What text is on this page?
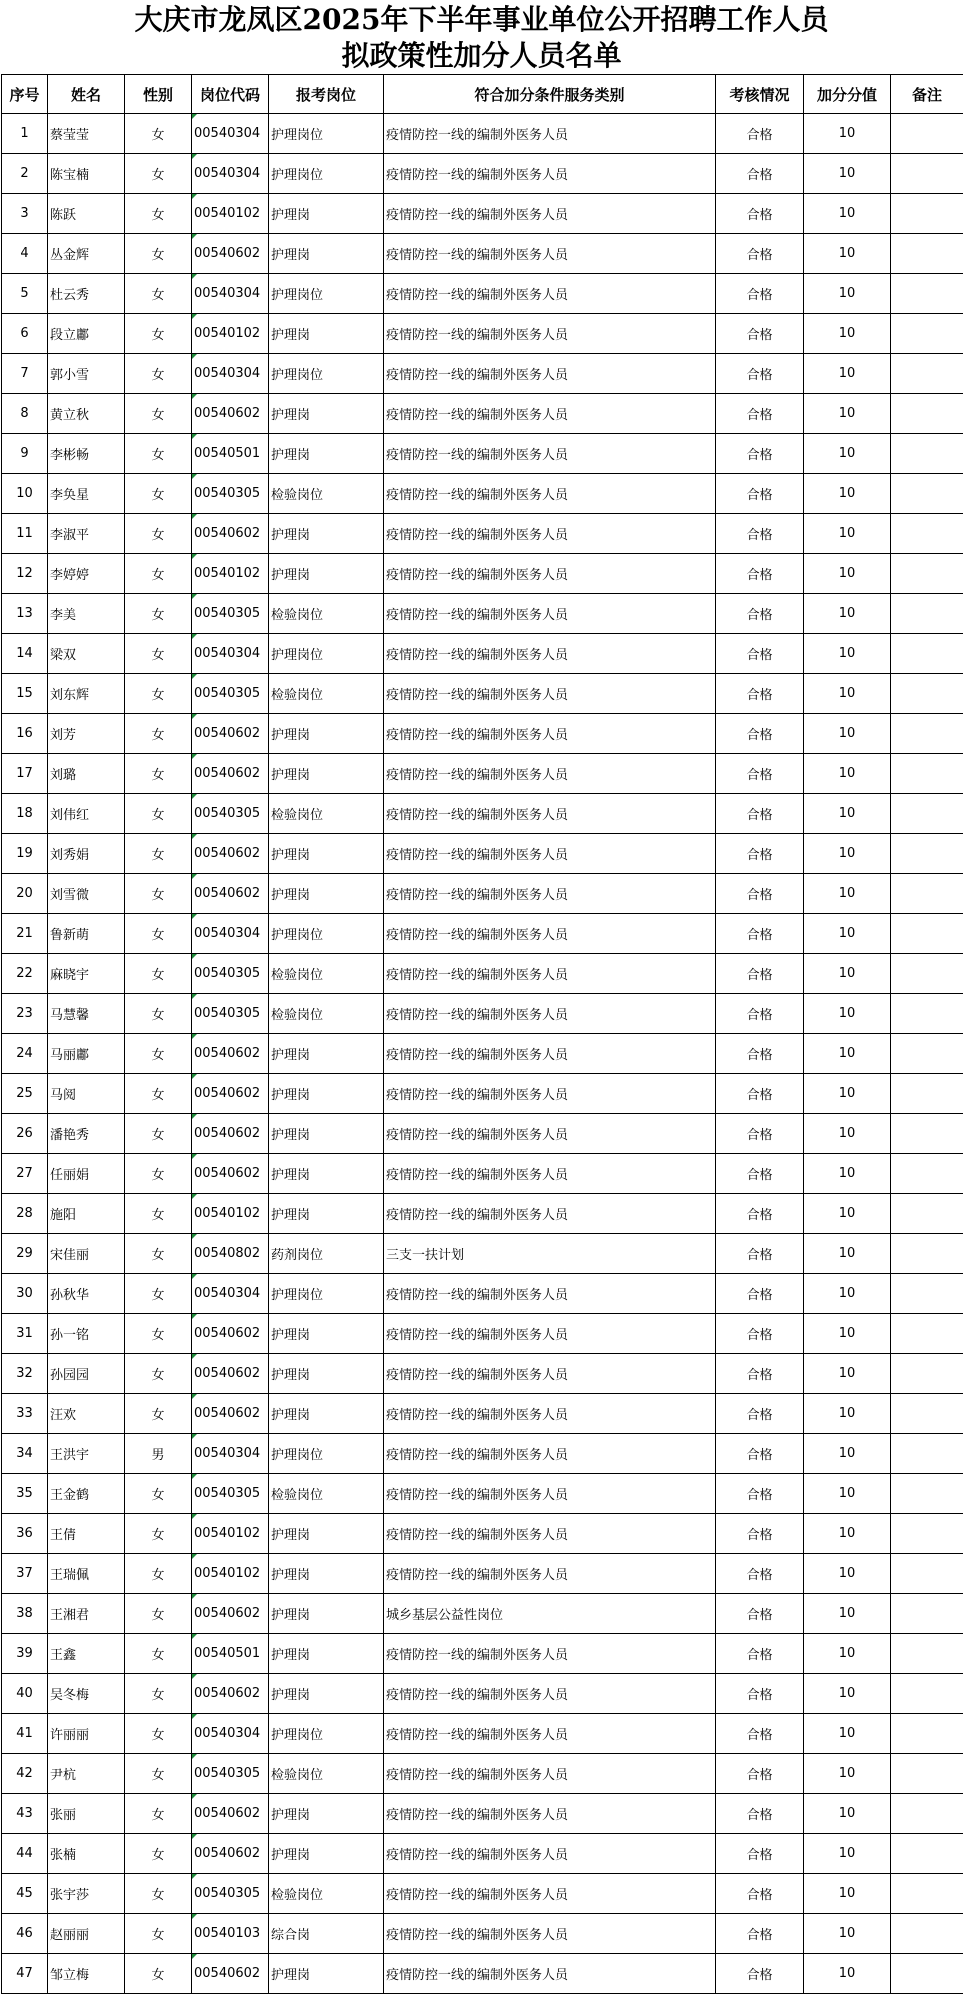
大庆市龙凤区2025年下半年事业单位公开招聘工作人员
拟政策性加分人员名单
序号	姓名	性别	岗位代码	报考岗位	符合加分条件服务类别	考核情况	加分分值	备注
1	蔡莹莹	女	00540304	护理岗位	疫情防控一线的编制外医务人员	合格	10	
2	陈宝楠	女	00540304	护理岗位	疫情防控一线的编制外医务人员	合格	10	
3	陈跃	女	00540102	护理岗	疫情防控一线的编制外医务人员	合格	10	
4	丛金辉	女	00540602	护理岗	疫情防控一线的编制外医务人员	合格	10	
5	杜云秀	女	00540304	护理岗位	疫情防控一线的编制外医务人员	合格	10	
6	段立鄘	女	00540102	护理岗	疫情防控一线的编制外医务人员	合格	10	
7	郭小雪	女	00540304	护理岗位	疫情防控一线的编制外医务人员	合格	10	
8	黄立秋	女	00540602	护理岗	疫情防控一线的编制外医务人员	合格	10	
9	李彬畅	女	00540501	护理岗	疫情防控一线的编制外医务人员	合格	10	
10	李奂星	女	00540305	检验岗位	疫情防控一线的编制外医务人员	合格	10	
11	李淑平	女	00540602	护理岗	疫情防控一线的编制外医务人员	合格	10	
12	李婷婷	女	00540102	护理岗	疫情防控一线的编制外医务人员	合格	10	
13	李美	女	00540305	检验岗位	疫情防控一线的编制外医务人员	合格	10	
14	梁双	女	00540304	护理岗位	疫情防控一线的编制外医务人员	合格	10	
15	刘东辉	女	00540305	检验岗位	疫情防控一线的编制外医务人员	合格	10	
16	刘芳	女	00540602	护理岗	疫情防控一线的编制外医务人员	合格	10	
17	刘璐	女	00540602	护理岗	疫情防控一线的编制外医务人员	合格	10	
18	刘伟红	女	00540305	检验岗位	疫情防控一线的编制外医务人员	合格	10	
19	刘秀娟	女	00540602	护理岗	疫情防控一线的编制外医务人员	合格	10	
20	刘雪微	女	00540602	护理岗	疫情防控一线的编制外医务人员	合格	10	
21	鲁新萌	女	00540304	护理岗位	疫情防控一线的编制外医务人员	合格	10	
22	麻晓宇	女	00540305	检验岗位	疫情防控一线的编制外医务人员	合格	10	
23	马慧馨	女	00540305	检验岗位	疫情防控一线的编制外医务人员	合格	10	
24	马丽鄘	女	00540602	护理岗	疫情防控一线的编制外医务人员	合格	10	
25	马阅	女	00540602	护理岗	疫情防控一线的编制外医务人员	合格	10	
26	潘艳秀	女	00540602	护理岗	疫情防控一线的编制外医务人员	合格	10	
27	任丽娟	女	00540602	护理岗	疫情防控一线的编制外医务人员	合格	10	
28	施阳	女	00540102	护理岗	疫情防控一线的编制外医务人员	合格	10	
29	宋佳丽	女	00540802	药剂岗位	三支一扶计划	合格	10	
30	孙秋华	女	00540304	护理岗位	疫情防控一线的编制外医务人员	合格	10	
31	孙一铭	女	00540602	护理岗	疫情防控一线的编制外医务人员	合格	10	
32	孙园园	女	00540602	护理岗	疫情防控一线的编制外医务人员	合格	10	
33	汪欢	女	00540602	护理岗	疫情防控一线的编制外医务人员	合格	10	
34	王洪宇	男	00540304	护理岗位	疫情防控一线的编制外医务人员	合格	10	
35	王金鹤	女	00540305	检验岗位	疫情防控一线的编制外医务人员	合格	10	
36	王倩	女	00540102	护理岗	疫情防控一线的编制外医务人员	合格	10	
37	王瑞佩	女	00540102	护理岗	疫情防控一线的编制外医务人员	合格	10	
38	王湘君	女	00540602	护理岗	城乡基层公益性岗位	合格	10	
39	王鑫	女	00540501	护理岗	疫情防控一线的编制外医务人员	合格	10	
40	吴冬梅	女	00540602	护理岗	疫情防控一线的编制外医务人员	合格	10	
41	许丽丽	女	00540304	护理岗位	疫情防控一线的编制外医务人员	合格	10	
42	尹杭	女	00540305	检验岗位	疫情防控一线的编制外医务人员	合格	10	
43	张丽	女	00540602	护理岗	疫情防控一线的编制外医务人员	合格	10	
44	张楠	女	00540602	护理岗	疫情防控一线的编制外医务人员	合格	10	
45	张宇莎	女	00540305	检验岗位	疫情防控一线的编制外医务人员	合格	10	
46	赵丽丽	女	00540103	综合岗	疫情防控一线的编制外医务人员	合格	10	
47	邹立梅	女	00540602	护理岗	疫情防控一线的编制外医务人员	合格	10	
